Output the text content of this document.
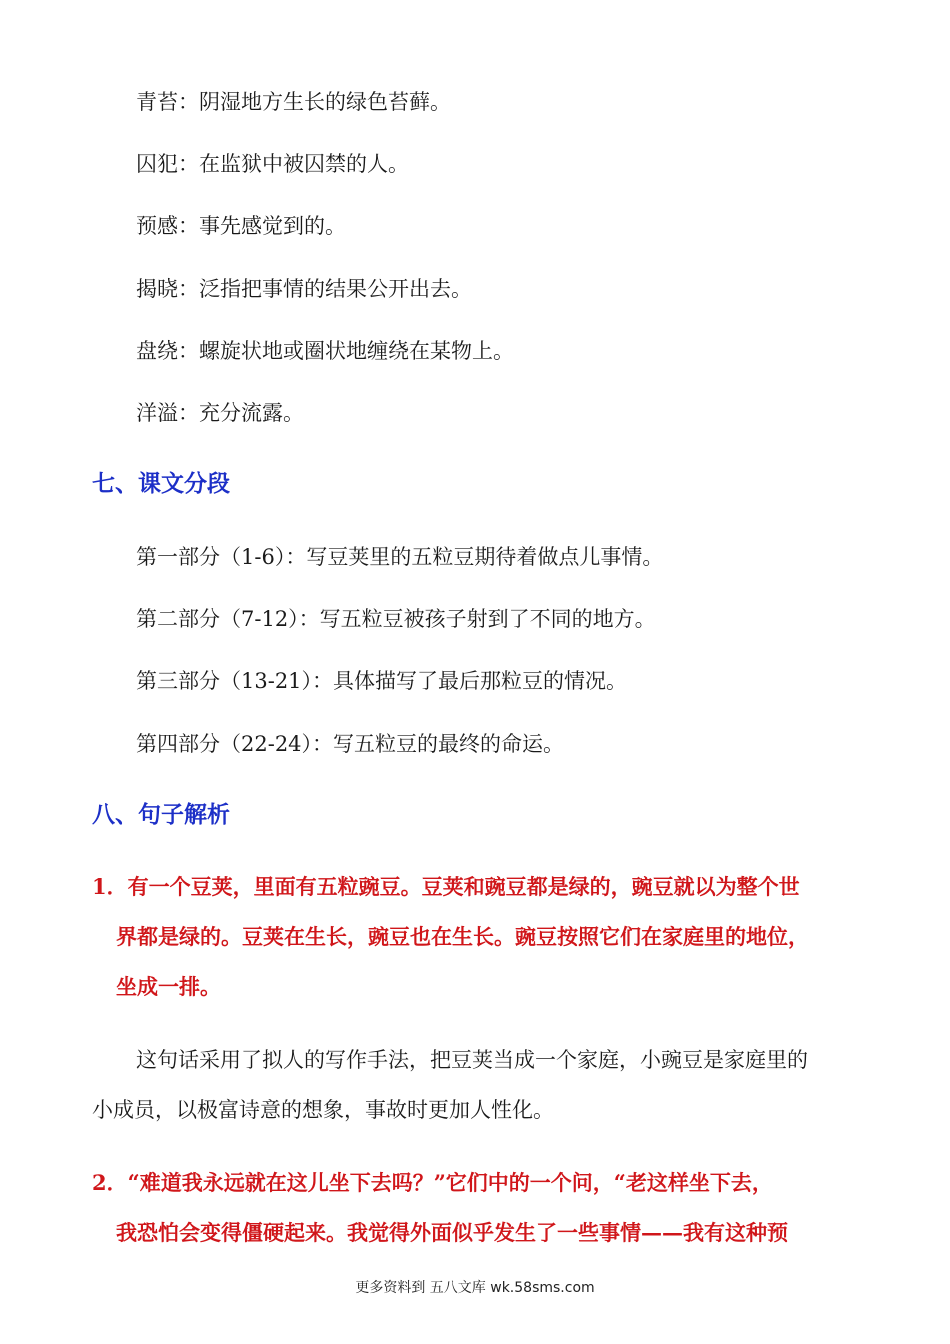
青苔：阴湿地方生长的绿色苔藓。
囚犯：在监狱中被囚禁的人。
预感：事先感觉到的。
揭晓：泛指把事情的结果公开出去。
盘绕：螺旋状地或圈状地缠绕在某物上。
洋溢：充分流露。
七、课文分段
第一部分（1-6）：写豆荚里的五粒豆期待着做点儿事情。
第二部分（7-12）：写五粒豆被孩子射到了不同的地方。
第三部分（13-21）：具体描写了最后那粒豆的情况。
第四部分（22-24）：写五粒豆的最终的命运。
八、句子解析
1．有一个豆荚，里面有五粒豌豆。豆荚和豌豆都是绿的，豌豆就以为整个世
界都是绿的。豆荚在生长，豌豆也在生长。豌豆按照它们在家庭里的地位，
坐成一排。
这句话采用了拟人的写作手法，把豆荚当成一个家庭，小豌豆是家庭里的
小成员，以极富诗意的想象，事故时更加人性化。
2．“难道我永远就在这儿坐下去吗？”它们中的一个问，“老这样坐下去，
我恐怕会变得僵硬起来。我觉得外面似乎发生了一些事情——我有这种预
更多资料到 五八文库 wk.58sms.com
